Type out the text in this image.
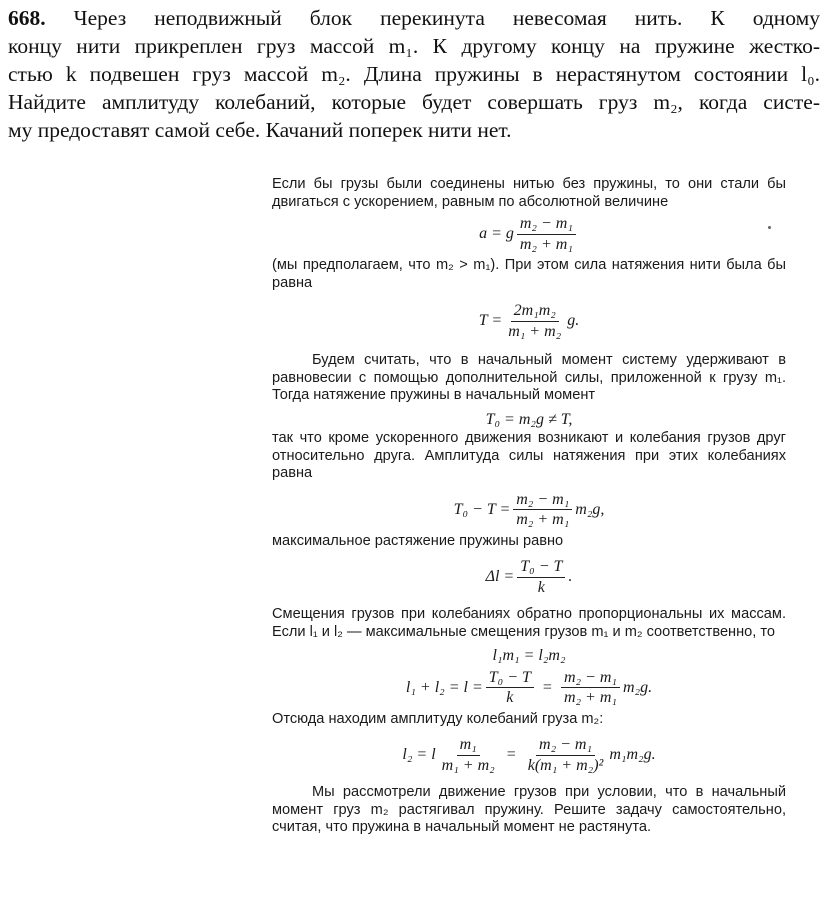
668. Через неподвижный блок перекинута невесомая нить. К одному
концу нити прикреплен груз массой m₁. К другому концу на пружине жестко-
стью k подвешен груз массой m₂. Длина пружины в нерастянутом состоянии l₀.
Найдите амплитуду колебаний, которые будет совершать груз m₂, когда систе-
му предоставят самой себе. Качаний поперек нити нет.
Если бы грузы были соединены нитью без пружины, то они стали бы двигаться с ускорением, равным по абсолютной величине
a = g $\frac{\text{m₂ − m₁}}{\text{m₂ + m₁}}$
(мы предполагаем, что m₂ > m₁). При этом сила натяжения нити была бы равна
$T = \frac{\text{2m₁m₂}}{\text{m₁ + m₂}} g$.
Будем считать, что в начальный момент систему удерживают в равновесии с помощью дополнительной силы, приложенной к грузу m₁. Тогда натяжение пружины в начальный момент
T₀ = m₂g ≠ T,
так что кроме ускоренного движения возникают и колебания грузов друг относительно друга. Амплитуда силы натяжения при этих колебаниях равна
$T_0 - T = \frac{\text{m₂ − m₁}}{\text{m₂ + m₁}} m_2g$,
максимальное растяжение пружины равно
$\Delta l = \frac{\text{T₀ − T}}{k}$ .
Смещения грузов при колебаниях обратно пропорциональны их массам. Если l₁ и l₂ — максимальные смещения грузов m₁ и m₂ соответственно, то
l₁m₁ = l₂m₂
$l_1 + l_2 = l = \frac{\text{T₀ − T}}{k} = \frac{\text{m₂ − m₁}}{\text{m₂ + m₁}} m_2g$.
Отсюда находим амплитуду колебаний груза m₂:
l₂ = l $\frac{\text{m₁}}{\text{m₁ + m₂}} = \frac{\text{m₂ − m₁}}{\text{k(m₁ + m₂)²}} m_1m_2g$.
Мы рассмотрели движение грузов при условии, что в начальный момент груз m₂ растягивал пружину. Решите задачу самостоятельно, считая, что пружина в начальный момент не растянута.
